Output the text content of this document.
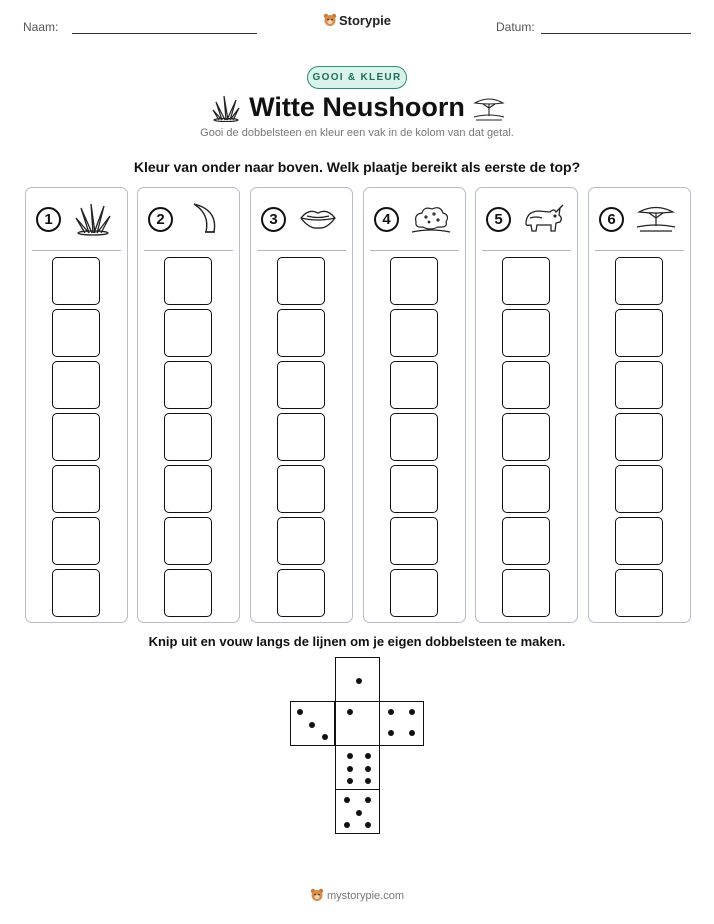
Naam:	Storypie	Datum:
GOOI & KLEUR
Witte Neushoorn
Gooi de dobbelsteen en kleur een vak in de kolom van dat getal.
Kleur van onder naar boven. Welk plaatje bereikt als eerste de top?
1	2	3	4	5	6
Knip uit en vouw langs de lijnen om je eigen dobbelsteen te maken.
mystorypie.com
